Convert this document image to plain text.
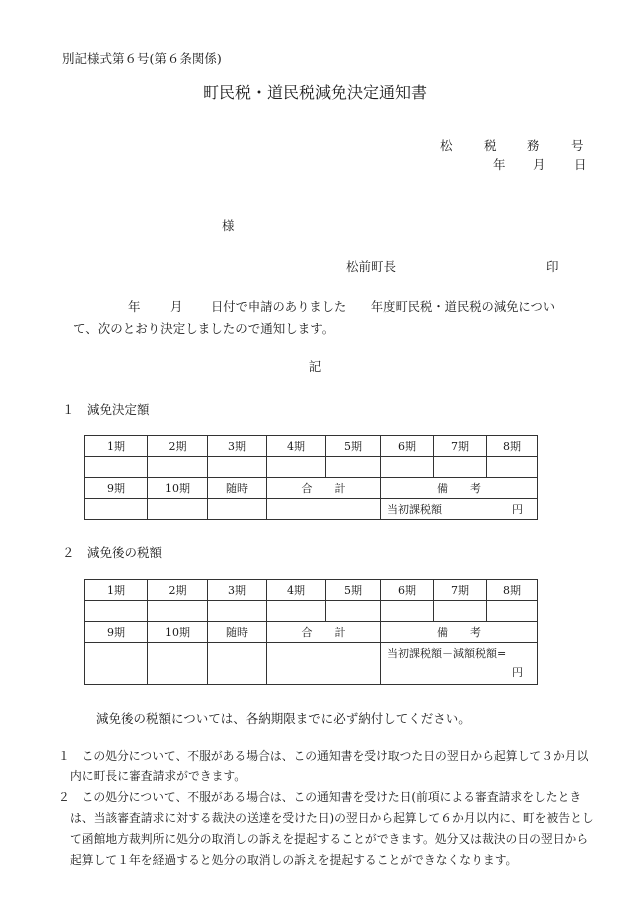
別記様式第６号(第６条関係)
町民税・道民税減免決定通知書
松	税 務	号
年 月 日
様
松前町長	印
年 月 日付で申請のありました　　年度町民税・道民税の減免につい
て、次のとおり決定しましたので通知します。
記
１　減免決定額
1期	2期	3期	4期	5期	6期	7期	8期

9期	10期	随時	合　　計		備　　考		

					当初課税額 円		
２　減免後の税額
1期	2期	3期	4期	5期	6期	7期	8期

9期	10期	随時	合　　計		備　　考		
					当初課税額－減額税額=
円		
減免後の税額については、各納期限までに必ず納付してください。
１　この処分について、不服がある場合は、この通知書を受け取つた日の翌日から起算して３か月以
内に町長に審査請求ができます。
２　この処分について、不服がある場合は、この通知書を受けた日(前項による審査請求をしたとき
は、当該審査請求に対する裁決の送達を受けた日)の翌日から起算して６か月以内に、町を被告とし
て函館地方裁判所に処分の取消しの訴えを提起することができます。処分又は裁決の日の翌日から
起算して１年を経過すると処分の取消しの訴えを提起することができなくなります。
